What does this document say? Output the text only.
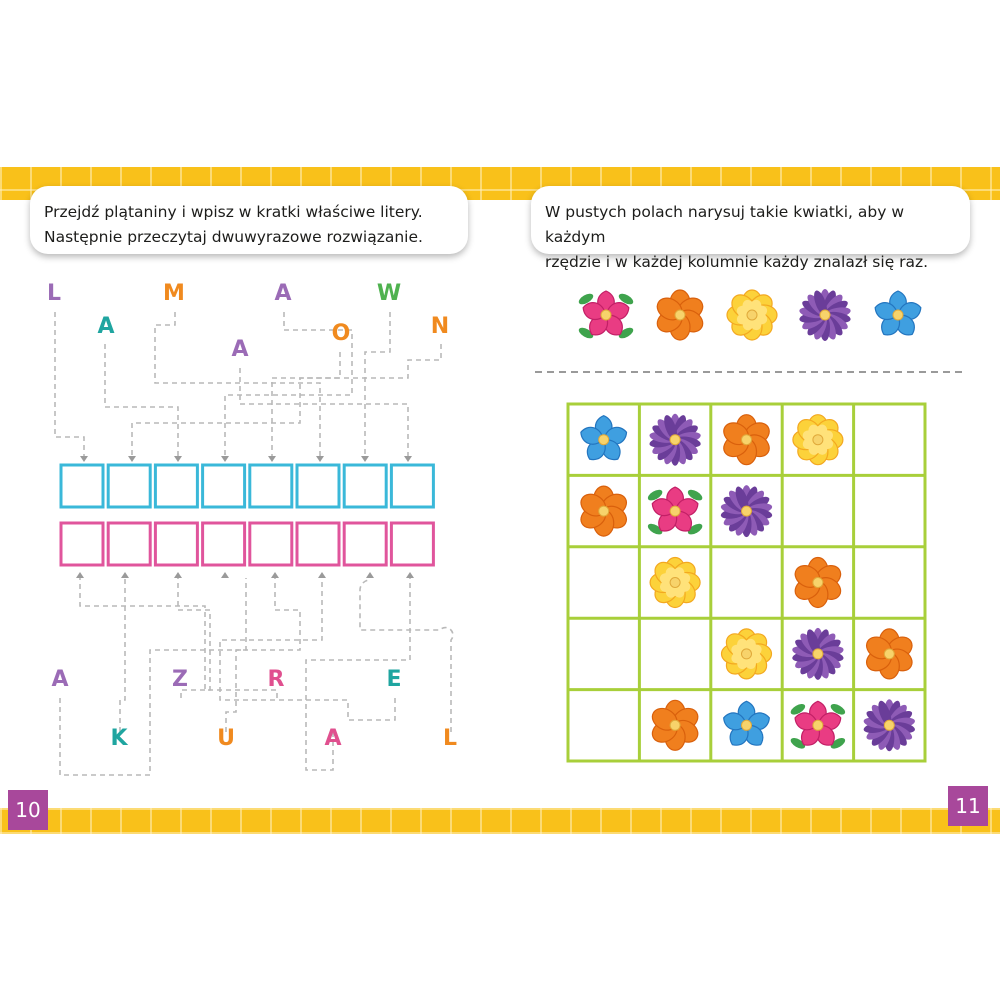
Przejdź plątaniny i wpisz w kratki właściwe litery.

Następnie przeczytaj dwuwyrazowe rozwiązanie.

W pustych polach narysuj takie kwiatki, aby w każdym

rzędzie i w każdej kolumnie każdy znalazł się raz.

10	11
L
A
M
A
A
O
W
N
A
K
Z
U
R
A
E
L
